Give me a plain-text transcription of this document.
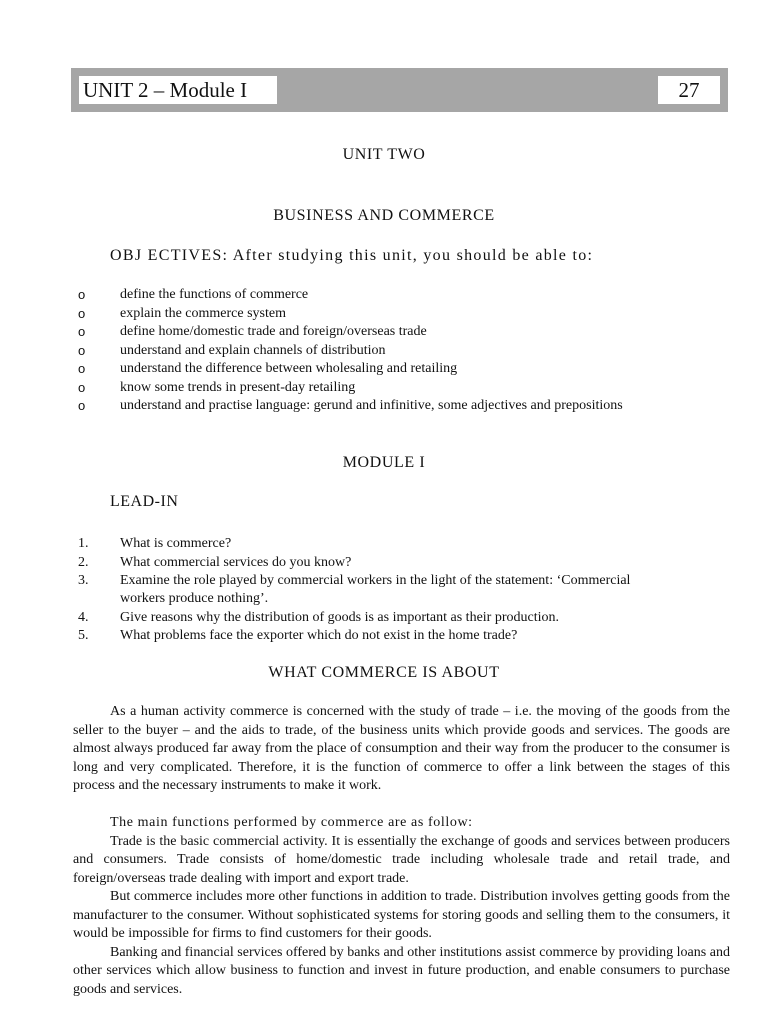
UNIT 2 – Module I	27
UNIT TWO
BUSINESS AND COMMERCE
OBJ ECTIVES: After studying this unit, you should be able to:
o	define the functions of commerce
o	explain the commerce system
o	define home/domestic trade and foreign/overseas trade
o	understand and explain channels of distribution
o	understand the difference between wholesaling and retailing
o	know some trends in present-day retailing
o	understand and practise language: gerund and infinitive, some adjectives and prepositions
MODULE I
LEAD-IN
1. What is commerce?
2. What commercial services do you know?
3. Examine the role played by commercial workers in the light of the statement: ‘Commercial workers produce nothing’.
4. Give reasons why the distribution of goods is as important as their production.
5. What problems face the exporter which do not exist in the home trade?
WHAT COMMERCE IS ABOUT

As a human activity commerce is concerned with the study of trade – i.e. the moving of the goods from the seller to the buyer – and the aids to trade, of the business units which provide goods and services. The goods are almost always produced far away from the place of consumption and their way from the producer to the consumer is long and very complicated. Therefore, it is the function of commerce to offer a link between the stages of this process and the necessary instruments to make it work.

The main functions performed by commerce are as follow:

Trade is the basic commercial activity. It is essentially the exchange of goods and services between producers and consumers. Trade consists of home/domestic trade including wholesale trade and retail trade, and foreign/overseas trade dealing with import and export trade.

But commerce includes more other functions in addition to trade. Distribution involves getting goods from the manufacturer to the consumer. Without sophisticated systems for storing goods and selling them to the consumers, it would be impossible for firms to find customers for their goods.

Banking and financial services offered by banks and other institutions assist commerce by providing loans and other services which allow business to function and invest in future production, and enable consumers to purchase goods and services.
